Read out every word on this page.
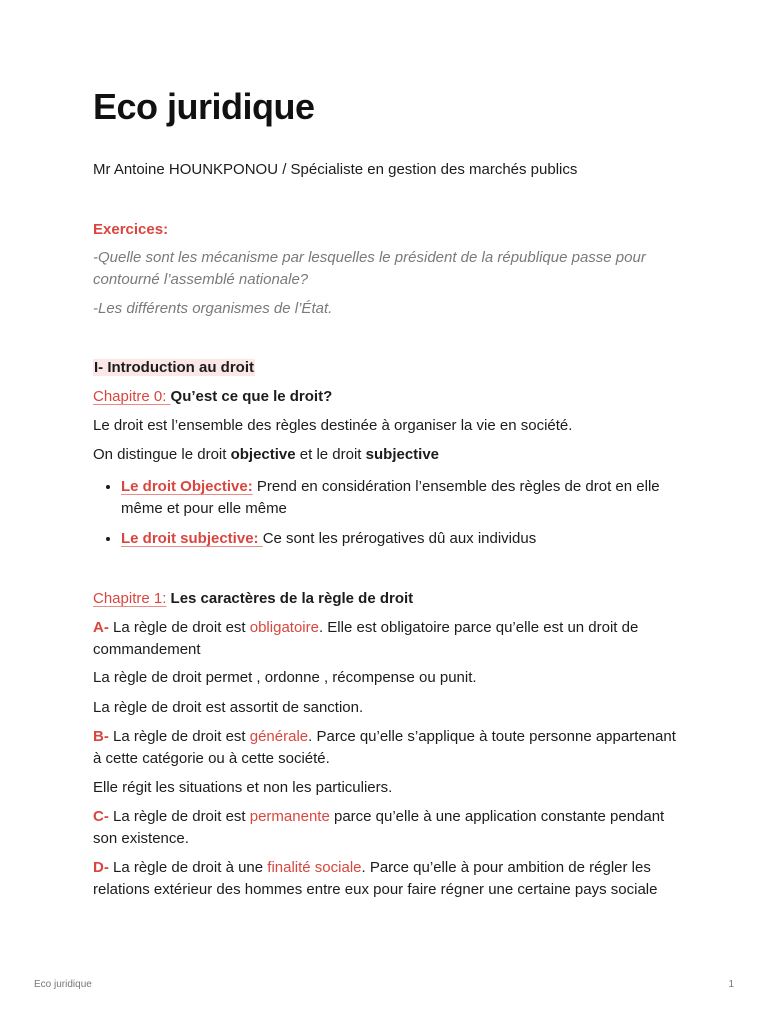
Eco juridique
Mr Antoine HOUNKPONOU / Spécialiste en gestion des marchés publics
Exercices:
-Quelle sont les mécanisme par lesquelles le président de la république passe pour contourné l’assemblé nationale?
-Les différents organismes de l’État.
I- Introduction au droit
Chapitre 0: Qu’est ce que le droit?
Le droit est l’ensemble des règles destinée à organiser la vie en société.
On distingue le droit objective et le droit subjective
• Le droit Objective: Prend en considération l’ensemble des règles de drot en elle même et pour elle même
• Le droit subjective: Ce sont les prérogatives dû aux individus
Chapitre 1: Les caractères de la règle de droit
A- La règle de droit est obligatoire. Elle est obligatoire parce qu’elle est un droit de commandement
La règle de droit permet , ordonne , récompense ou punit.
La règle de droit est assortit de sanction.
B- La règle de droit est générale. Parce qu’elle s’applique à toute personne appartenant à cette catégorie ou à cette société.
Elle régit les situations et non les particuliers.
C- La règle de droit est permanente parce qu’elle à une application constante pendant son existence.
D- La règle de droit à une finalité sociale. Parce qu’elle à pour ambition de régler les relations extérieur des hommes entre eux pour faire régner une certaine pays sociale
Eco juridique	1
